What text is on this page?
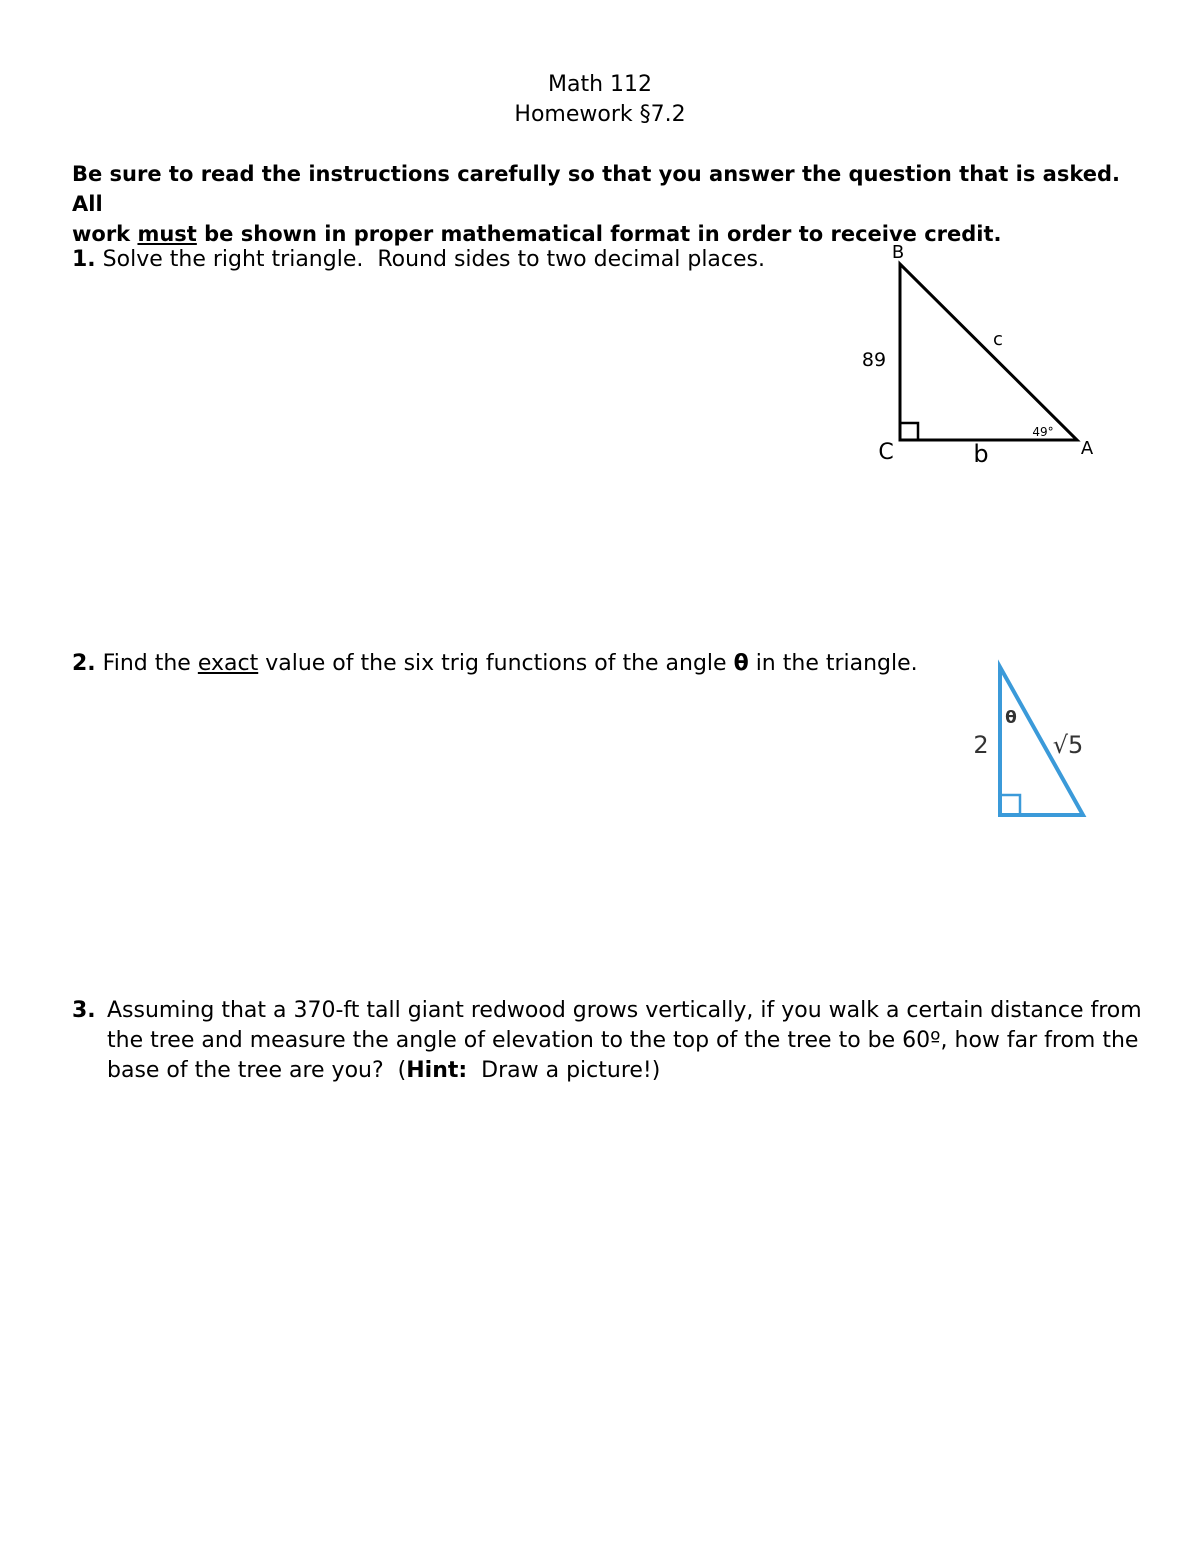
Math 112
Homework §7.2
Be sure to read the instructions carefully so that you answer the question that is asked. All
work must be shown in proper mathematical format in order to receive credit.
1. Solve the right triangle.  Round sides to two decimal places.	B
C	A
89
b
c
49°
2. Find the exact value of the six trig functions of the angle θ in the triangle.
2	√5
θ
3. Assuming that a 370-ft tall giant redwood grows vertically, if you walk a certain distance from the tree and measure the angle of elevation to the top of the tree to be 60º, how far from the base of the tree are you?  (Hint:  Draw a picture!)
